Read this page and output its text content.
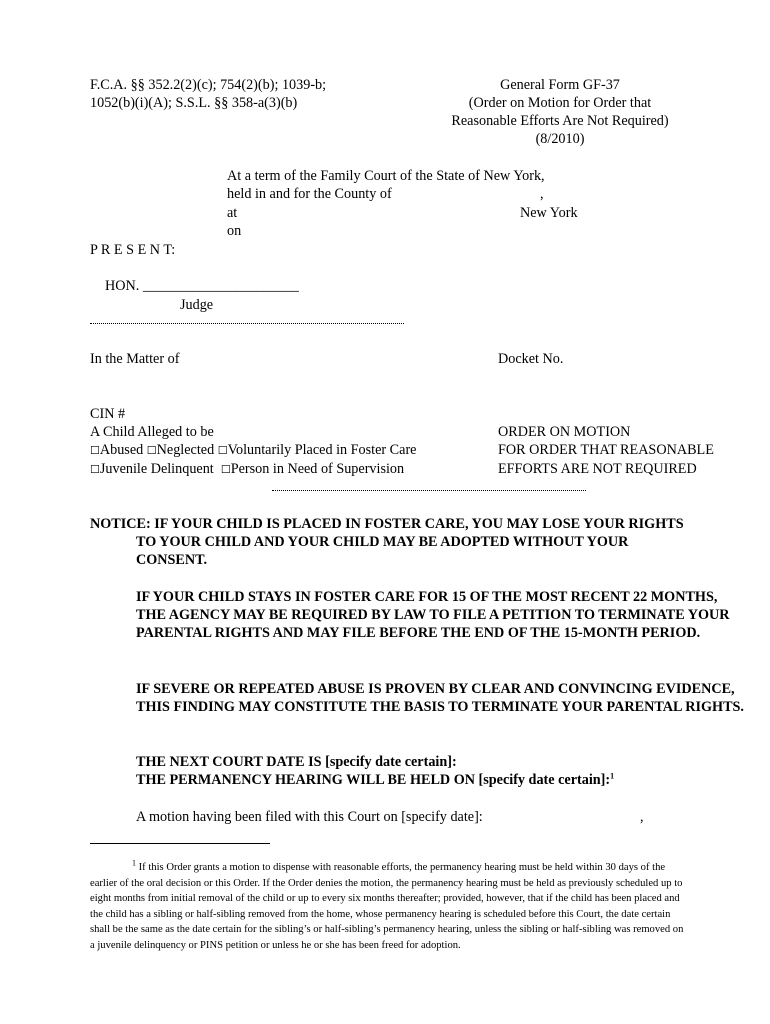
F.C.A. §§ 352.2(2)(c); 754(2)(b); 1039-b;
1052(b)(i)(A); S.S.L. §§ 358-a(3)(b)
General Form GF-37
(Order on Motion for Order that
Reasonable Efforts Are Not Required)
(8/2010)
At a term of the Family Court of the State of New York,
held in and for the County of	,
at	New York
on
P R E S E N T:
HON. ______________________
Judge
In the Matter of	Docket No.
CIN #
A Child Alleged to be
☐Abused ☐Neglected ☐Voluntarily Placed in Foster Care
☐Juvenile Delinquent ☐Person in Need of Supervision
ORDER ON MOTION
FOR ORDER THAT REASONABLE
EFFORTS ARE NOT REQUIRED
NOTICE: IF YOUR CHILD IS PLACED IN FOSTER CARE, YOU MAY LOSE YOUR RIGHTS
TO YOUR CHILD AND YOUR CHILD MAY BE ADOPTED WITHOUT YOUR
CONSENT.
IF YOUR CHILD STAYS IN FOSTER CARE FOR 15 OF THE MOST RECENT 22 MONTHS, THE AGENCY MAY BE REQUIRED BY LAW TO FILE A PETITION TO TERMINATE YOUR PARENTAL RIGHTS AND MAY FILE BEFORE THE END OF THE 15-MONTH PERIOD.
IF SEVERE OR REPEATED ABUSE IS PROVEN BY CLEAR AND CONVINCING EVIDENCE, THIS FINDING MAY CONSTITUTE THE BASIS TO TERMINATE YOUR PARENTAL RIGHTS.
THE NEXT COURT DATE IS [specify date certain]:
THE PERMANENCY HEARING WILL BE HELD ON [specify date certain]:$^1$
A motion having been filed with this Court on [specify date]:	,
$^1$ If this Order grants a motion to dispense with reasonable efforts, the permanency hearing must be held within 30 days of the earlier of the oral decision or this Order. If the Order denies the motion, the permanency hearing must be held as previously scheduled up to eight months from initial removal of the child or up to every six months thereafter; provided, however, that if the child has been placed and the child has a sibling or half-sibling removed from the home, whose permanency hearing is scheduled before this Court, the date certain shall be the same as the date certain for the sibling’s or half-sibling’s permanency hearing, unless the sibling or half-sibling was removed on a juvenile delinquency or PINS petition or unless he or she has been freed for adoption.
